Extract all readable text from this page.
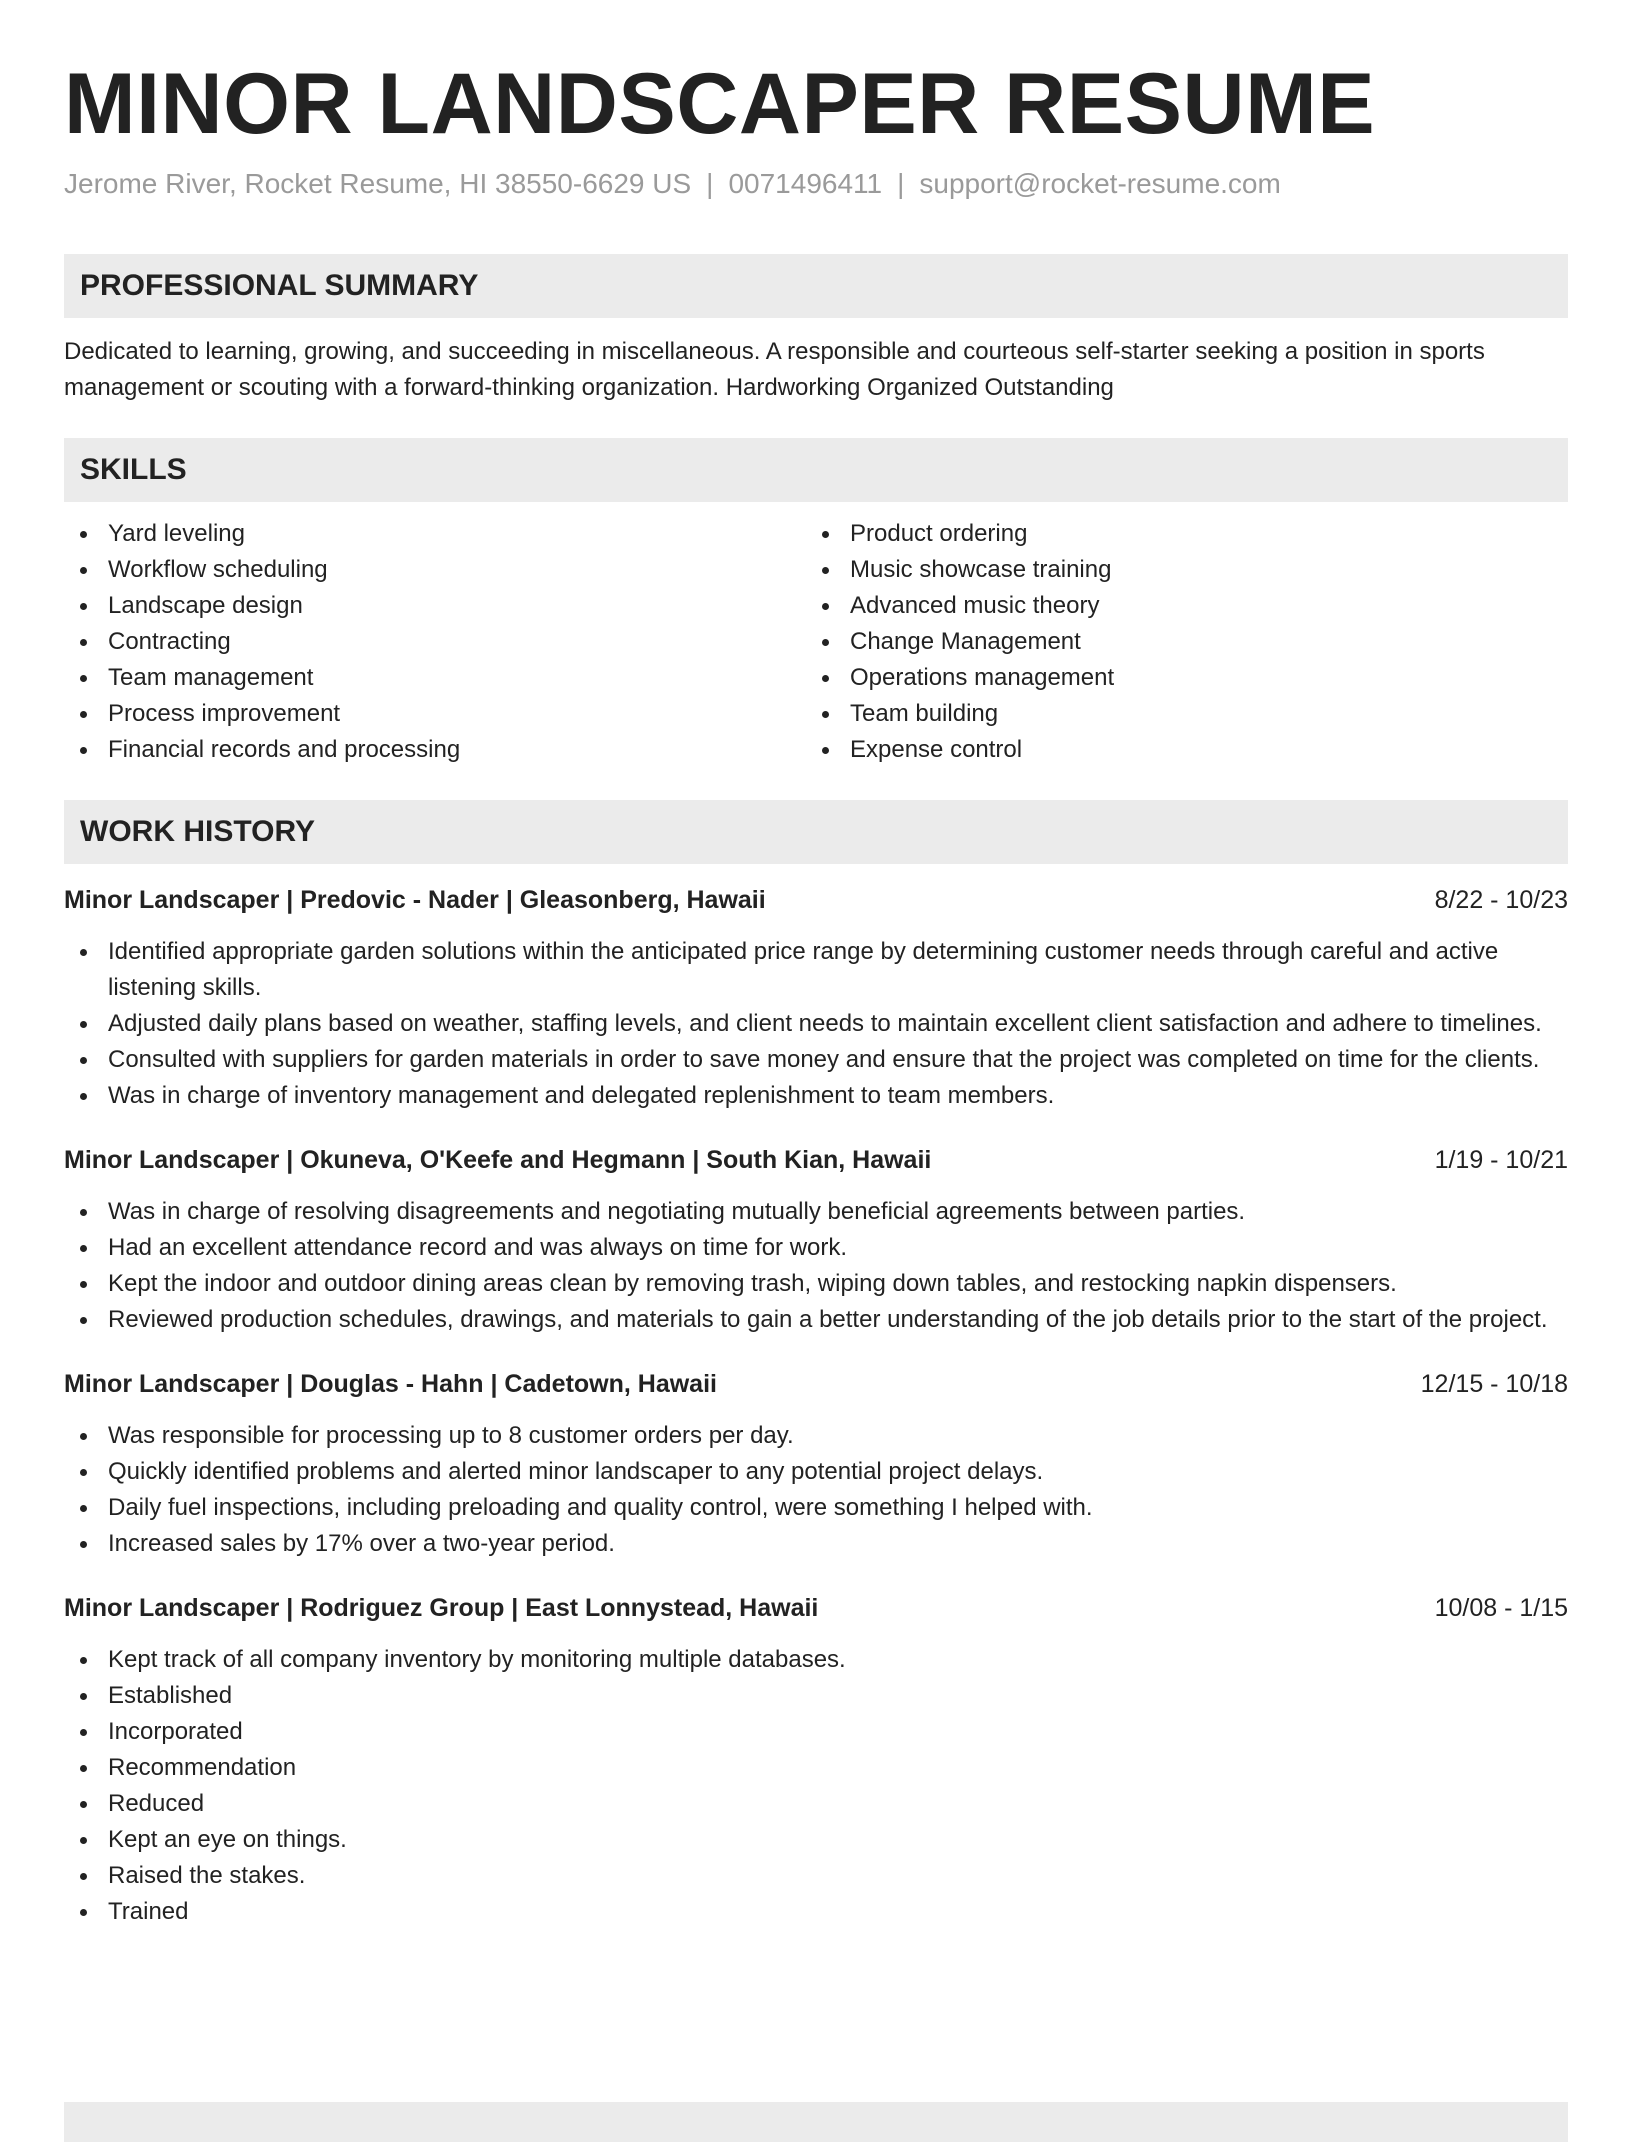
MINOR LANDSCAPER RESUME
Jerome River, Rocket Resume, HI 38550-6629 US | 0071496411 | support@rocket-resume.com
PROFESSIONAL SUMMARY
Dedicated to learning, growing, and succeeding in miscellaneous. A responsible and courteous self-starter seeking a position in sports management or scouting with a forward-thinking organization. Hardworking Organized Outstanding
SKILLS
Yard leveling
Workflow scheduling
Landscape design
Contracting
Team management
Process improvement
Financial records and processing
Product ordering
Music showcase training
Advanced music theory
Change Management
Operations management
Team building
Expense control
WORK HISTORY
Minor Landscaper | Predovic - Nader | Gleasonberg, Hawaii	8/22 - 10/23
Identified appropriate garden solutions within the anticipated price range by determining customer needs through careful and active listening skills.
Adjusted daily plans based on weather, staffing levels, and client needs to maintain excellent client satisfaction and adhere to timelines.
Consulted with suppliers for garden materials in order to save money and ensure that the project was completed on time for the clients.
Was in charge of inventory management and delegated replenishment to team members.
Minor Landscaper | Okuneva, O'Keefe and Hegmann | South Kian, Hawaii	1/19 - 10/21
Was in charge of resolving disagreements and negotiating mutually beneficial agreements between parties.
Had an excellent attendance record and was always on time for work.
Kept the indoor and outdoor dining areas clean by removing trash, wiping down tables, and restocking napkin dispensers.
Reviewed production schedules, drawings, and materials to gain a better understanding of the job details prior to the start of the project.
Minor Landscaper | Douglas - Hahn | Cadetown, Hawaii	12/15 - 10/18
Was responsible for processing up to 8 customer orders per day.
Quickly identified problems and alerted minor landscaper to any potential project delays.
Daily fuel inspections, including preloading and quality control, were something I helped with.
Increased sales by 17% over a two-year period.
Minor Landscaper | Rodriguez Group | East Lonnystead, Hawaii	10/08 - 1/15
Kept track of all company inventory by monitoring multiple databases.
Established
Incorporated
Recommendation
Reduced
Kept an eye on things.
Raised the stakes.
Trained
